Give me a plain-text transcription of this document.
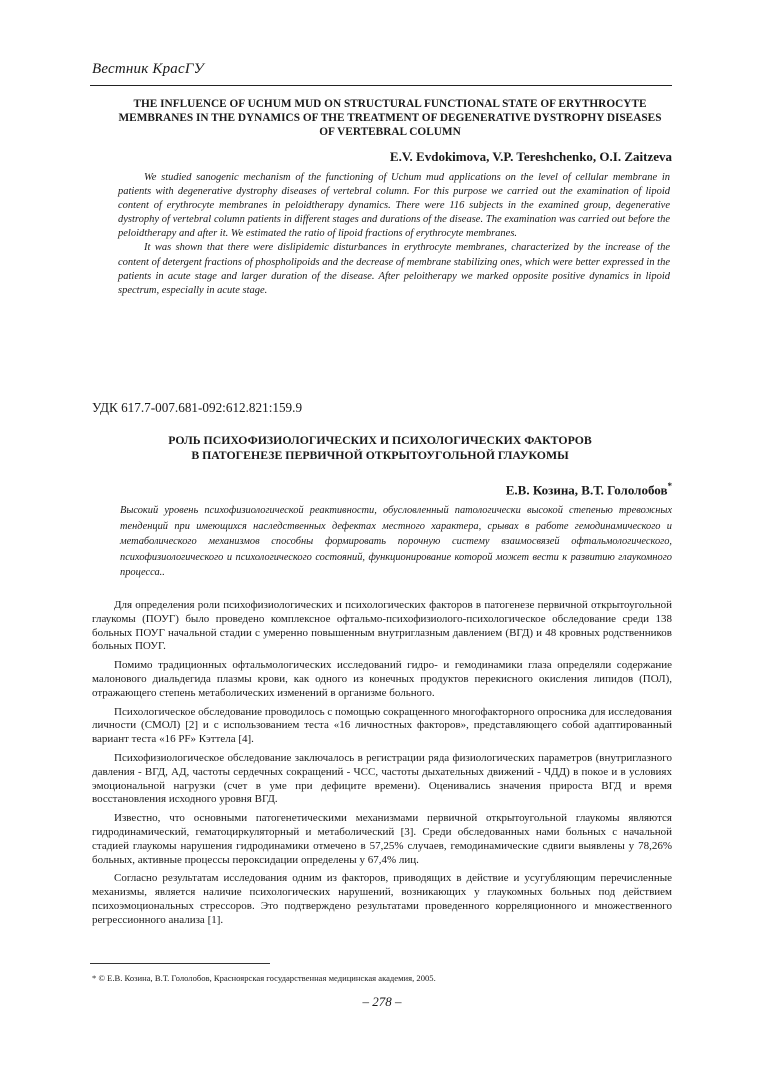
Вестник КрасГУ
THE INFLUENCE OF UCHUM MUD ON STRUCTURAL FUNCTIONAL STATE OF ERYTHROCYTE MEMBRANES IN THE DYNAMICS OF THE TREATMENT OF DEGENERATIVE DYSTROPHY DISEASES OF VERTEBRAL COLUMN
E.V. Evdokimova, V.P. Tereshchenko, O.I. Zaitzeva

We studied sanogenic mechanism of the functioning of Uchum mud applications on the level of cellular membrane in patients with degenerative dystrophy diseases of vertebral column. For this purpose we carried out the examination of lipoid content of erythrocyte membranes in peloidtherapy dynamics. There were 116 subjects in the examined group, degenerative dystrophy of vertebral column patients in different stages and durations of the disease. The examination was carried out before the peloidtherapy and after it. We estimated the ratio of lipoid fractions of erythrocyte membranes.

It was shown that there were dislipidemic disturbances in erythrocyte membranes, characterized by the increase of the content of detergent fractions of phospholipoids and the decrease of membrane stabilizing ones, which were better expressed in the patients in acute stage and larger duration of the disease. After peloitherapy we marked opposite positive dynamics in lipoid spectrum, especially in acute stage.

УДК 617.7-007.681-092:612.821:159.9
РОЛЬ ПСИХОФИЗИОЛОГИЧЕСКИХ И ПСИХОЛОГИЧЕСКИХ ФАКТОРОВ
В ПАТОГЕНЕЗЕ ПЕРВИЧНОЙ ОТКРЫТОУГОЛЬНОЙ ГЛАУКОМЫ
Е.В. Козина, В.Т. Гололобов*
Высокий уровень психофизиологической реактивности, обусловленный патологически высокой степенью тревожных тенденций при имеющихся наследственных дефектах местного характера, срывах в работе гемодинамического и метаболического механизмов способны формировать порочную систему взаимосвязей офтальмологического, психофизиологического и психологического состояний, функционирование которой может вести к развитию глаукомного процесса..

Для определения роли психофизиологических и психологических факторов в патогенезе первичной открытоугольной глаукомы (ПОУГ) было проведено комплексное офтальмо-психофизиолого-психологическое обследование среди 138 больных ПОУГ начальной стадии с умеренно повышенным внутриглазным давлением (ВГД) и 48 кровных родственников больных ПОУГ.

Помимо традиционных офтальмологических исследований гидро- и гемодинамики глаза определяли содержание малонового диальдегида плазмы крови, как одного из конечных продуктов перекисного окисления липидов (ПОЛ), отражающего степень метаболических изменений в организме больного.

Психологическое обследование проводилось с помощью сокращенного многофакторного опросника для исследования личности (СМОЛ) [2] и с использованием теста «16 личностных факторов», представляющего собой адаптированный вариант теста «16 PF» Кэттела [4].

Психофизиологическое обследование заключалось в регистрации ряда физиологических параметров (внутриглазного давления - ВГД, АД, частоты сердечных сокращений - ЧСС, частоты дыхательных движений - ЧДД) в покое и в условиях эмоциональной нагрузки (счет в уме при дефиците времени). Оценивались значения прироста ВГД и время восстановления исходного уровня ВГД.

Известно, что основными патогенетическими механизмами первичной открытоугольной глаукомы являются гидродинамический, гематоциркуляторный и метаболический [3]. Среди обследованных нами больных с начальной стадией глаукомы нарушения гидродинамики отмечено в 57,25% случаев, гемодинамические сдвиги выявлены у 78,26% больных, активные процессы пероксидации определены у 67,4% лиц.

Согласно результатам исследования одним из факторов, приводящих в действие и усугубляющим перечисленные механизмы, является наличие психологических нарушений, возникающих у глаукомных больных под действием психоэмоциональных стрессоров. Это подтверждено результатами проведенного корреляционного и множественного регрессионного анализа [1].

* © Е.В. Козина, В.Т. Гололобов, Красноярская государственная медицинская академия, 2005.
– 278 –
